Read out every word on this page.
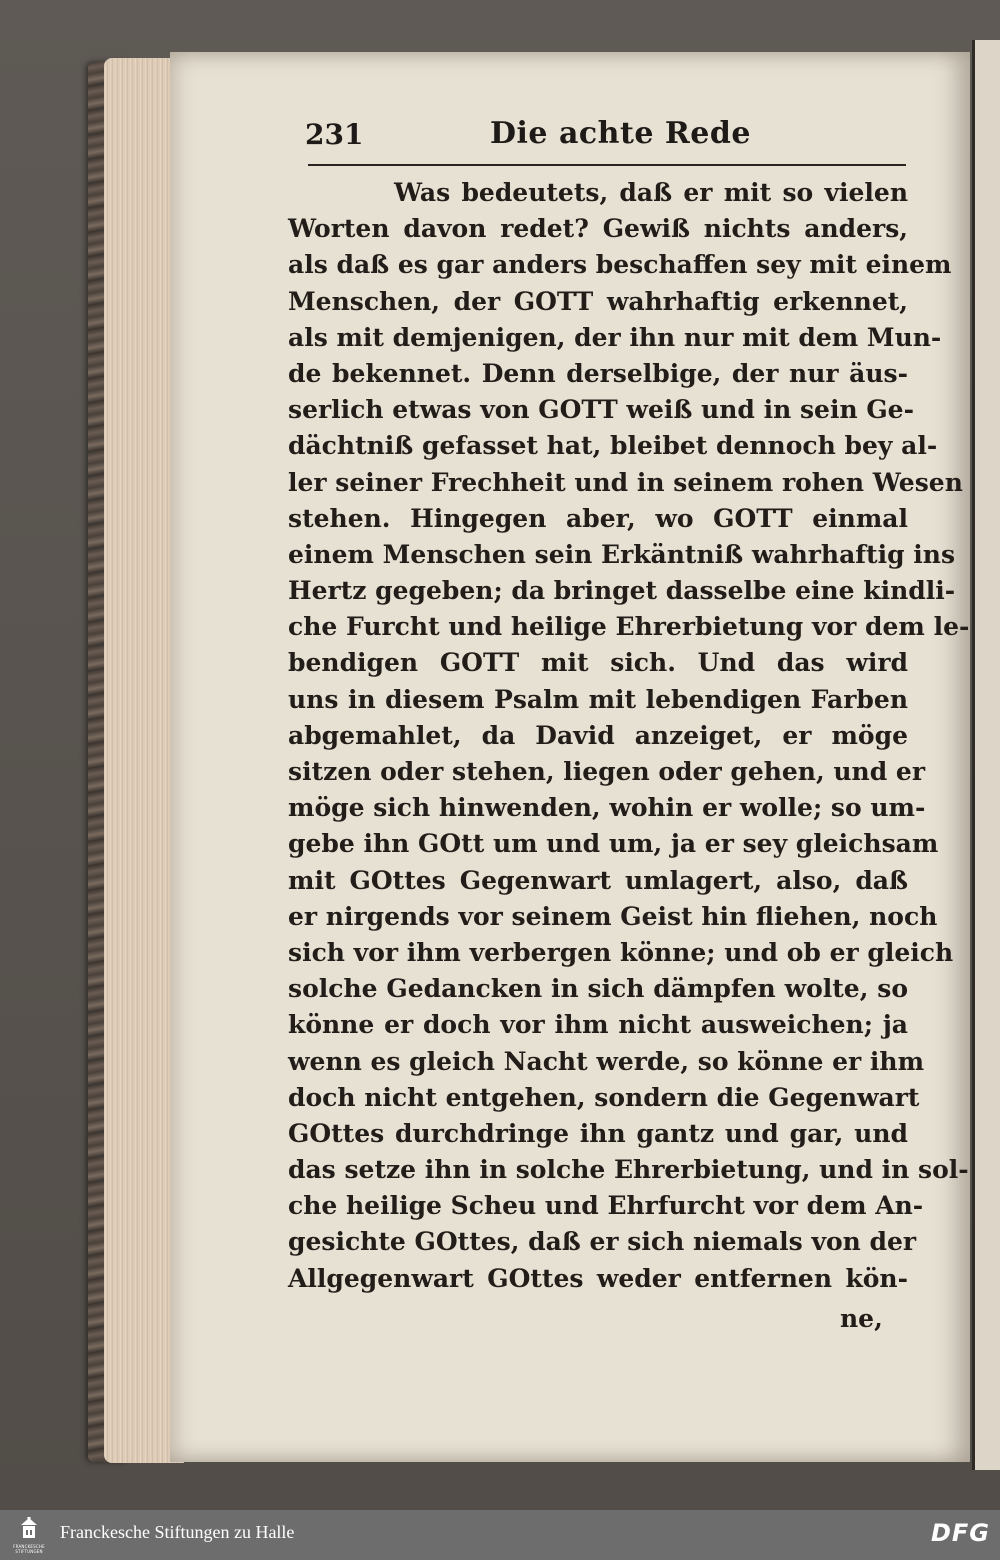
231	Die achte Rede
Was bedeutets, daß er mit so vielen
Worten davon redet? Gewiß nichts anders,
als daß es gar anders beschaffen sey mit einem
Menschen, der GOTT wahrhaftig erkennet,
als mit demjenigen, der ihn nur mit dem Mun-
de bekennet. Denn derselbige, der nur äus-
serlich etwas von GOTT weiß und in sein Ge-
dächtniß gefasset hat, bleibet dennoch bey al-
ler seiner Frechheit und in seinem rohen Wesen
stehen. Hingegen aber, wo GOTT einmal
einem Menschen sein Erkäntniß wahrhaftig ins
Hertz gegeben; da bringet dasselbe eine kindli-
che Furcht und heilige Ehrerbietung vor dem le-
bendigen GOTT mit sich. Und das wird
uns in diesem Psalm mit lebendigen Farben
abgemahlet, da David anzeiget, er möge
sitzen oder stehen, liegen oder gehen, und er
möge sich hinwenden, wohin er wolle; so um-
gebe ihn GOtt um und um, ja er sey gleichsam
mit GOttes Gegenwart umlagert, also, daß
er nirgends vor seinem Geist hin fliehen, noch
sich vor ihm verbergen könne; und ob er gleich
solche Gedancken in sich dämpfen wolte, so
könne er doch vor ihm nicht ausweichen; ja
wenn es gleich Nacht werde, so könne er ihm
doch nicht entgehen, sondern die Gegenwart
GOttes durchdringe ihn gantz und gar, und
das setze ihn in solche Ehrerbietung, und in sol-
che heilige Scheu und Ehrfurcht vor dem An-
gesichte GOttes, daß er sich niemals von der
Allgegenwart GOttes weder entfernen kön-
ne,
FRANCKESCHE STIFTUNGEN
Franckesche Stiftungen zu Halle	DFG
